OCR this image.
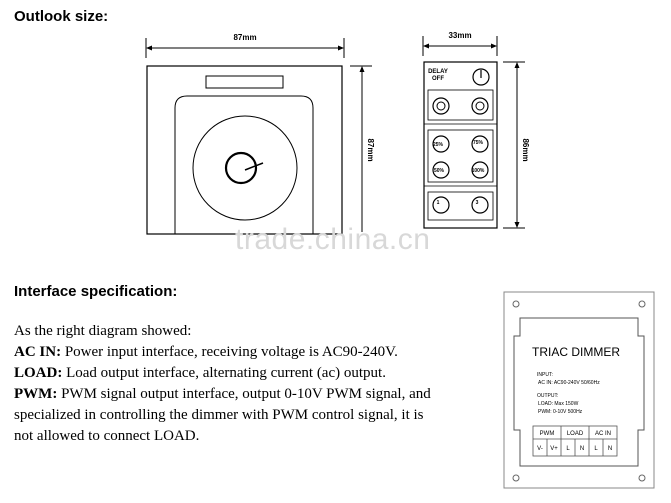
Outlook size:
87mm
87mm
33mm
DELAY
OFF
25%	75%
50%	100%
1	3
86mm
TRIAC DIMMER
INPUT:
AC IN: AC90-240V 50/60Hz
OUTPUT:
LOAD: Max 150W
PWM: 0-10V 500Hz
PWM LOAD AC IN
V- V+ L N L N
trade.china.cn
Interface specification:
As the right diagram showed:
AC IN: Power input interface, receiving voltage is AC90-240V.
LOAD: Load output interface, alternating current (ac) output.
PWM: PWM signal output interface, output 0-10V PWM signal, and
specialized in controlling the dimmer with PWM control signal, it is
not allowed to connect LOAD.
